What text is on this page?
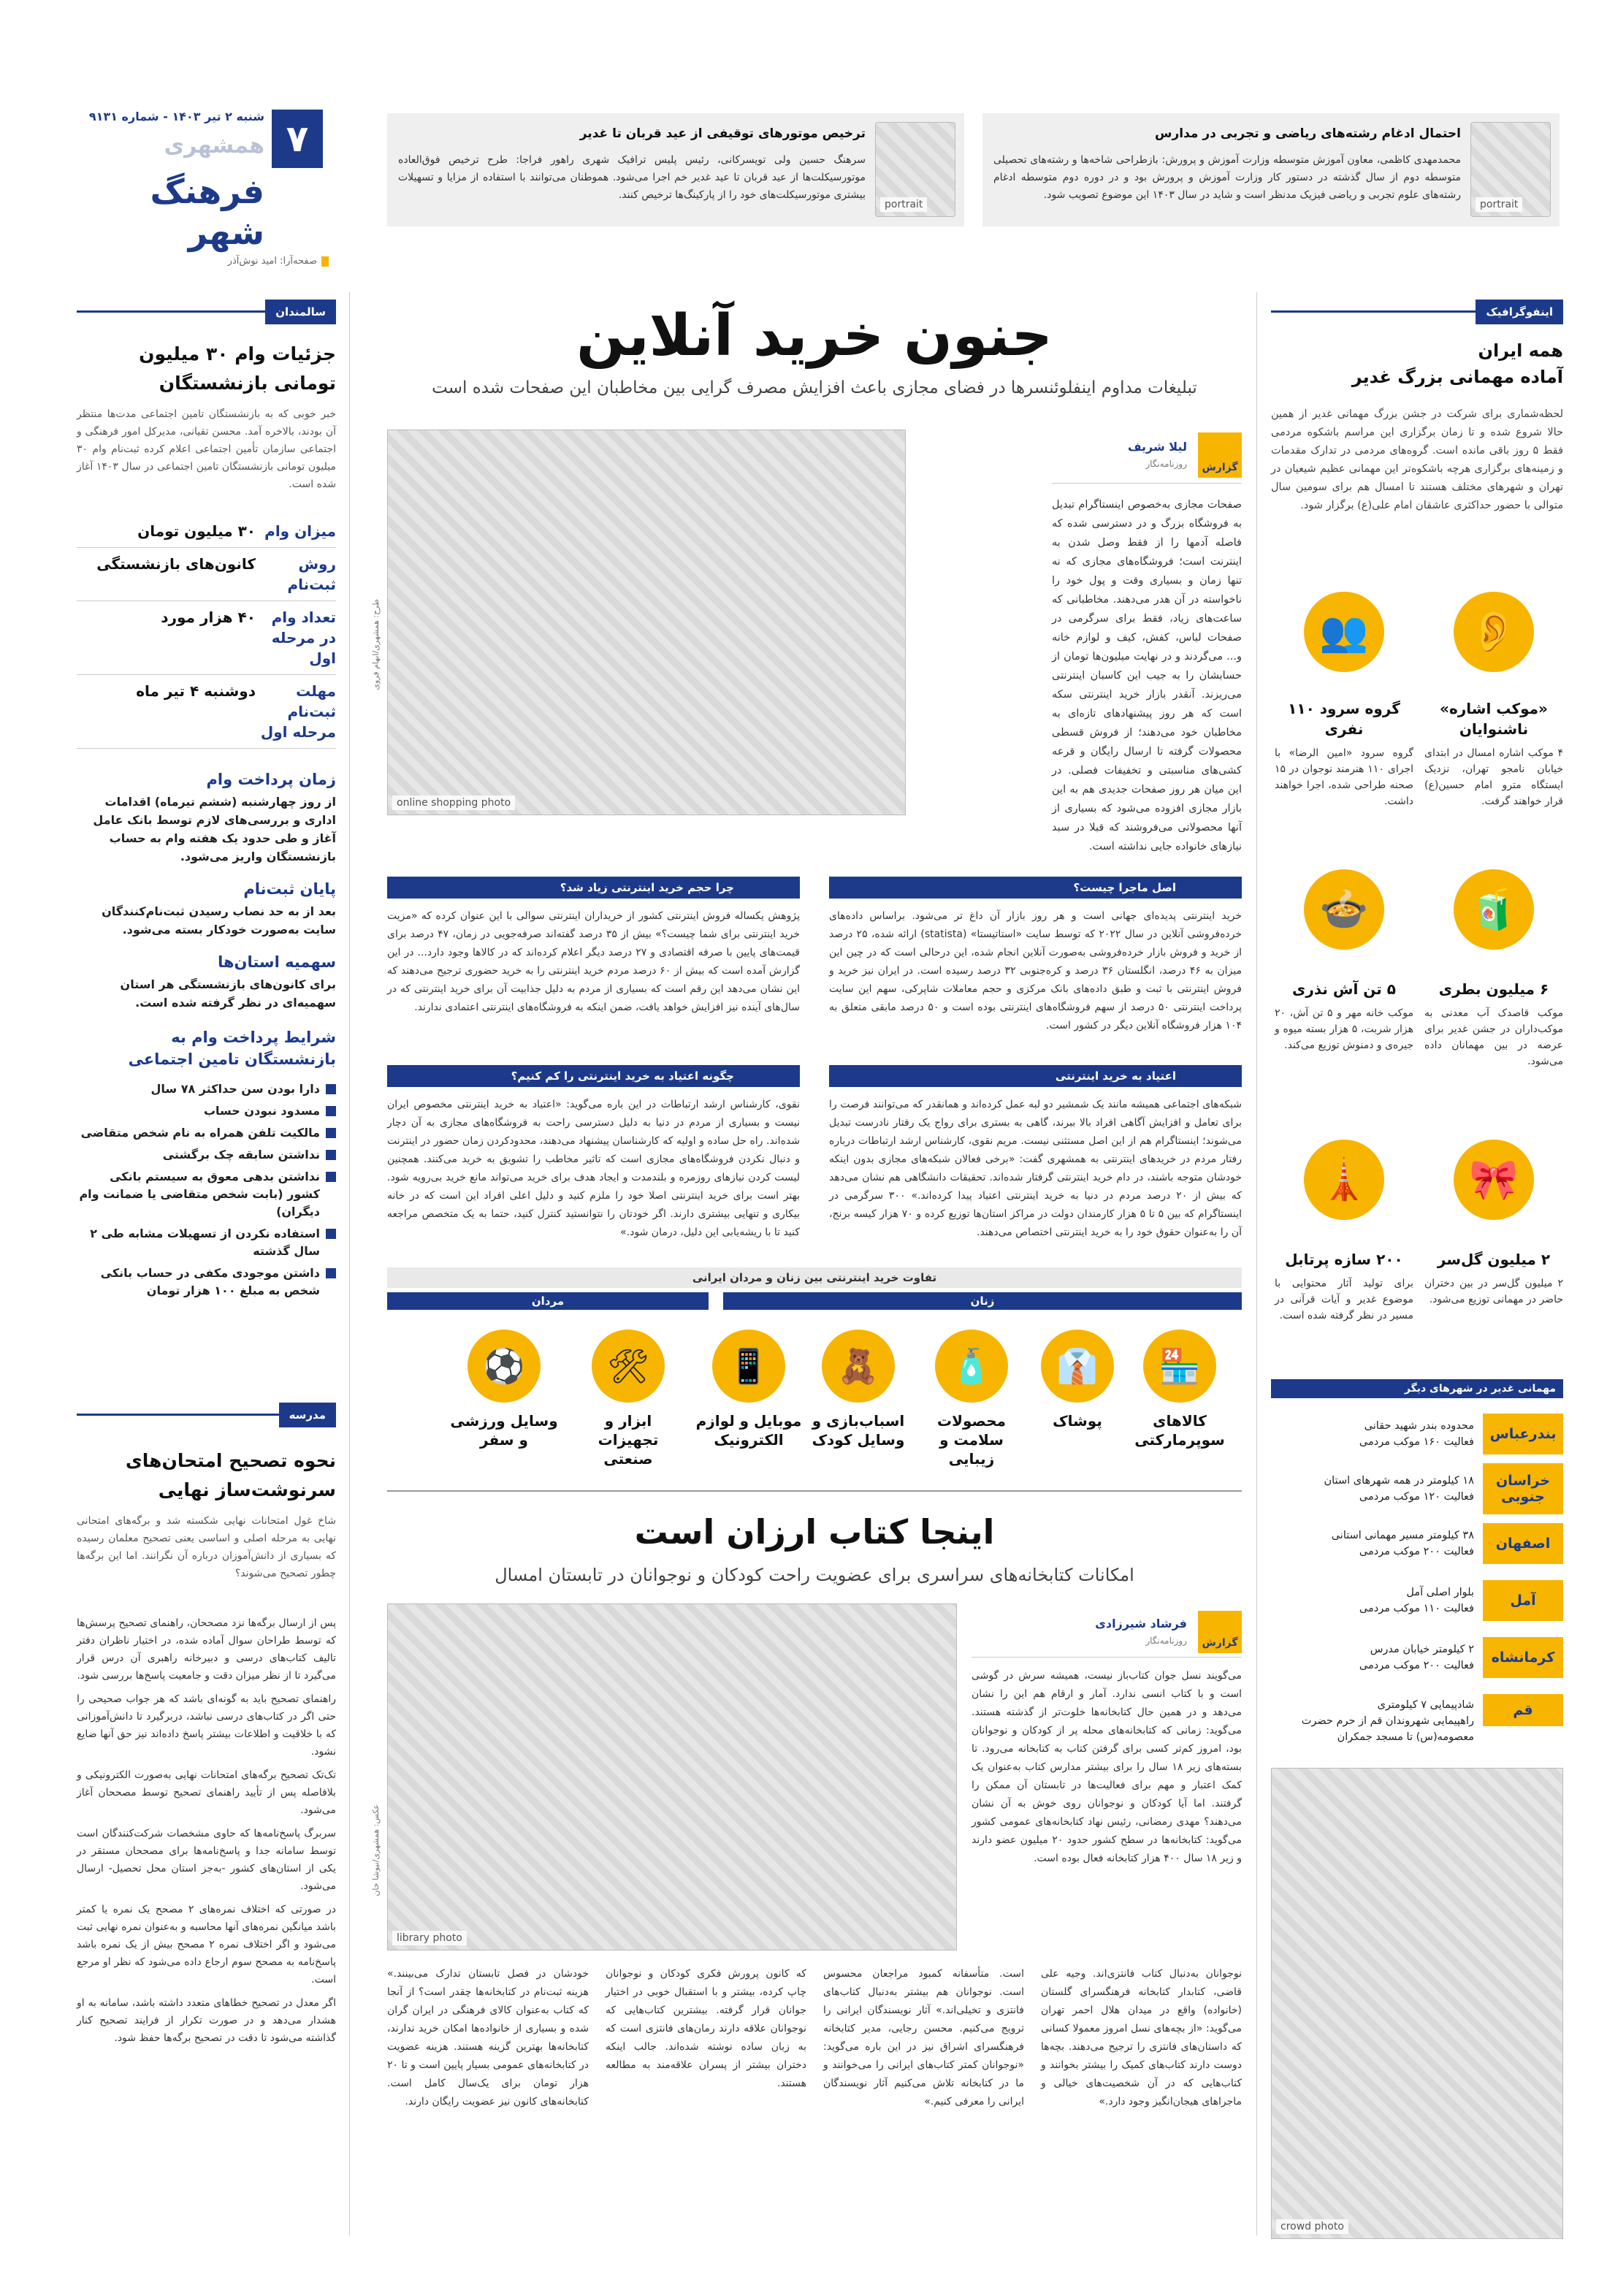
۷
شنبه ۲ تیر ۱۴۰۳ - شماره ۹۱۳۱
همشهری
فرهنگ شهر
صفحه‌آرا: امید نوش‌آذر
portrait
احتمال ادغام رشته‌های ریاضی و تجربی در مدارس
محمدمهدی کاظمی، معاون آموزش متوسطه وزارت آموزش و پرورش: بازطراحی شاخه‌ها و رشته‌های تحصیلی متوسطه دوم از سال گذشته در دستور کار وزارت آموزش و پرورش بود و در دوره دوم متوسطه ادغام رشته‌های علوم تجربی و ریاضی فیزیک مدنظر است و شاید در سال ۱۴۰۳ این موضوع تصویب شود.
portrait
ترخیص موتورهای توقیفی از عید قربان تا غدیر
سرهنگ حسین ولی تویسرکانی، رئیس پلیس ترافیک شهری راهور فراجا: طرح ترخیص فوق‌العاده موتورسیکلت‌ها از عید قربان تا عید غدیر خم اجرا می‌شود. هموطنان می‌توانند با استفاده از مزایا و تسهیلات بیشتری موتورسیکلت‌های خود را از پارکینگ‌ها ترخیص کنند.
اینفوگرافیک
همه ایران
آماده مهمانی بزرگ غدیر
لحظه‌شماری برای شرکت در جشن بزرگ مهمانی غدیر از همین حالا شروع شده و تا زمان برگزاری این مراسم باشکوه مردمی فقط ۵ روز باقی مانده است. گروه‌های مردمی در تدارک مقدمات و زمینه‌های برگزاری هرچه باشکوه‌تر این مهمانی عظیم شیعیان در تهران و شهرهای مختلف هستند تا امسال هم برای سومین سال متوالی با حضور حداکثری عاشقان امام علی(ع) برگزار شود.
👂
«موکب اشاره» ناشنوایان
۴ موکب اشاره امسال در ابتدای خیابان نامجو تهران، نزدیک ایستگاه مترو امام حسین(ع) قرار خواهند گرفت.
👥
گروه سرود ۱۱۰ نفری
گروه سرود «امین الرضا» با اجرای ۱۱۰ هنرمند نوجوان در ۱۵ صحنه طراحی شده، اجرا خواهند داشت.
🧃
۶ میلیون بطری
موکب قاصدک آب معدنی به موکب‌داران در جشن غدیر برای عرضه در بین مهمانان داده می‌شود.
🍲
۵ تن آش نذری
موکب خانه مهر و ۵ تن آش، ۲۰ هزار شربت، ۵ هزار بسته میوه و جیره‌ی و دمنوش توزیع می‌کند.
🎀
۲ میلیون گل‌سر
۲ میلیون گل‌سر در بین دختران حاضر در مهمانی توزیع می‌شود.
🗼
۲۰۰ سازه پرتابل
برای تولید آثار محتوایی با موضوع غدیر و آیات قرآنی در مسیر در نظر گرفته شده است.
مهمانی غدیر در شهرهای دیگر
بندرعباس
محدوده بندر شهید حقانی
فعالیت ۱۶۰ موکب مردمی
خراسان جنوبی
۱۸ کیلومتر در همه شهرهای استان
فعالیت ۱۲۰ موکب مردمی
اصفهان
۳۸ کیلومتر مسیر مهمانی استانی
فعالیت ۲۰۰ موکب مردمی
آمل
بلوار اصلی آمل
فعالیت ۱۱۰ موکب مردمی
کرمانشاه
۲ کیلومتر خیابان مدرس
فعالیت ۲۰۰ موکب مردمی
قم
شادپیمایی ۷ کیلومتری
راهپیمایی شهروندان قم از حرم حضرت معصومه(س) تا مسجد جمکران
crowd photo
سالمندان
جزئیات وام ۳۰ میلیون تومانی بازنشستگان
خبر خوبی که به بازنشستگان تامین اجتماعی مدت‌ها منتظر آن بودند، بالاخره آمد. محسن تقیانی، مدیرکل امور فرهنگی و اجتماعی سازمان تأمین اجتماعی اعلام کرده ثبت‌نام وام ۳۰ میلیون تومانی بازنشستگان تامین اجتماعی در سال ۱۴۰۳ آغاز شده است.
میزان وام
۳۰ میلیون تومان
روش ثبت‌نام
کانون‌های بازنشستگی
تعداد وام در مرحله اول
۴۰ هزار مورد
مهلت ثبت‌نام مرحله اول
دوشنبه ۴ تیر ماه
زمان پرداخت وام
از روز چهارشنبه (ششم تیرماه) اقدامات اداری و بررسی‌های لازم توسط بانک عامل آغاز و طی حدود یک هفته وام به حساب بازنشستگان واریز می‌شود.
پایان ثبت‌نام
بعد از به حد نصاب رسیدن ثبت‌نام‌کنندگان سایت به‌صورت خودکار بسته می‌شود.
سهمیه استان‌ها
برای کانون‌های بازنشستگی هر استان سهمیه‌ای در نظر گرفته شده است.
شرایط پرداخت وام به بازنشستگان تامین اجتماعی
دارا بودن سن حداکثر ۷۸ سال
مسدود نبودن حساب
مالکیت تلفن همراه به نام شخص متقاضی
نداشتن سابقه چک برگشتی
نداشتن بدهی معوق به سیستم بانکی کشور (بابت شخص متقاضی یا ضمانت وام دیگران)
استفاده نکردن از تسهیلات مشابه طی ۲ سال گذشته
داشتن موجودی مکفی در حساب بانکی شخص به مبلغ ۱۰۰ هزار تومان
مدرسه
نحوه تصحیح امتحان‌های سرنوشت‌ساز نهایی
شاخ غول امتحانات نهایی شکسته شد و برگه‌های امتحانی نهایی به مرحله اصلی و اساسی یعنی تصحیح معلمان رسیده که بسیاری از دانش‌آموزان درباره آن نگرانند. اما این برگه‌ها چطور تصحیح می‌شوند؟

پس از ارسال برگه‌ها نزد مصححان، راهنمای تصحیح پرسش‌ها که توسط طراحان سوال آماده شده، در اختیار ناظران دفتر تالیف کتاب‌های درسی و دبیرخانه راهبری آن درس قرار می‌گیرد تا از نظر میزان دقت و جامعیت پاسخ‌ها بررسی شود.

راهنمای تصحیح باید به گونه‌ای باشد که هر جواب صحیحی را حتی اگر در کتاب‌های درسی نباشد، دربرگیرد تا دانش‌آموزانی که با خلاقیت و اطلاعات بیشتر پاسخ داده‌اند نیز حق آنها ضایع نشود.

تک‌تک تصحیح برگه‌های امتحانات نهایی به‌صورت الکترونیکی و بلافاصله پس از تأیید راهنمای تصحیح توسط مصححان آغاز می‌شود.

سربرگ پاسخ‌نامه‌ها که حاوی مشخصات شرکت‌کنندگان است توسط سامانه جدا و پاسخ‌نامه‌ها برای مصححان مستقر در یکی از استان‌های کشور -به‌جز استان محل تحصیل- ارسال می‌شود.

در صورتی که اختلاف نمره‌های ۲ مصحح یک نمره یا کمتر باشد میانگین نمره‌های آنها محاسبه و به‌عنوان نمره نهایی ثبت می‌شود و اگر اختلاف نمره ۲ مصحح بیش از یک نمره باشد پاسخ‌نامه به مصحح سوم ارجاع داده می‌شود که نظر او مرجع است.

اگر معدل در تصحیح خطاهای متعدد داشته باشد، سامانه به او هشدار می‌دهد و در صورت تکرار از فرایند تصحیح کنار گذاشته می‌شود تا دقت در تصحیح برگه‌ها حفظ شود.

جنون خرید آنلاین
تبلیغات مداوم اینفلوئنسرها در فضای مجازی باعث افزایش مصرف گرایی بین مخاطبان این صفحات شده است
online shopping photo
طرح: همشهری/ابهام فروی
گزارش
لیلا شریف
روزنامه‌نگار
صفحات مجازی به‌خصوص اینستاگرام تبدیل به فروشگاه بزرگ و در دسترسی شده که فاصله آدمها را از فقط وصل شدن به اینترنت است؛ فروشگاه‌های مجازی که نه تنها زمان و بسیاری وقت و پول خود را ناخواسته در آن هدر می‌دهند. مخاطبانی که ساعت‌های زیاد، فقط برای سرگرمی در صفحات لباس، کفش، کیف و لوازم خانه و... می‌گردند و در نهایت میلیون‌ها تومان از حسابشان را به جیب این کاسبان اینترنتی می‌ریزند. آنقدر بازار خرید اینترنتی سکه است که هر روز پیشنهادهای تازه‌ای به مخاطبان خود می‌دهند؛ از فروش قسطی محصولات گرفته تا ارسال رایگان و قرعه کشی‌های مناسبتی و تخفیفات فصلی. در این میان هر روز صفحات جدیدی هم به این بازار مجازی افزوده می‌شود که بسیاری از آنها محصولاتی می‌فروشند که قبلا در سبد نیازهای خانواده جایی نداشته است.
اصل ماجرا چیست؟
خرید اینترنتی پدیده‌ای جهانی است و هر روز بازار آن داغ تر می‌شود. براساس داده‌های خرده‌فروشی آنلاین در سال ۲۰۲۲ که توسط سایت «استاتیستا» (statista) ارائه شده، ۲۵ درصد از خرید و فروش بازار خرده‌فروشی به‌صورت آنلاین انجام شده، این درحالی است که در چین این میزان به ۴۶ درصد، انگلستان ۳۶ درصد و کره‌جنوبی ۳۲ درصد رسیده است. در ایران نیز خرید و فروش اینترنتی با ثبت و طبق داده‌های بانک مرکزی و حجم معاملات شاپرکی، سهم این سایت پرداخت اینترنتی ۵۰ درصد از سهم فروشگاه‌های اینترنتی بوده است و ۵۰ درصد مابقی متعلق به ۱۰۴ هزار فروشگاه آنلاین دیگر در کشور است.
چرا حجم خرید اینترنتی زیاد شد؟
پژوهش یکساله فروش اینترنتی کشور از خریداران اینترنتی سوالی با این عنوان کرده که «مزیت خرید اینترنتی برای شما چیست؟» بیش از ۳۵ درصد گفته‌اند صرفه‌جویی در زمان، ۴۷ درصد برای قیمت‌های پایین با صرفه اقتصادی و ۲۷ درصد دیگر اعلام کرده‌اند که در کالاها وجود دارد... در این گزارش آمده است که بیش از ۶۰ درصد مردم خرید اینترنتی را به خرید حضوری ترجیح می‌دهند که این نشان می‌دهد این رقم است که بسیاری از مردم به دلیل جذابیت آن برای خرید اینترنتی که در سال‌های آینده نیز افزایش خواهد یافت، ضمن اینکه به فروشگاه‌های اینترنتی اعتمادی ندارند.
اعتیاد به خرید اینترنتی
شبکه‌های اجتماعی همیشه مانند یک شمشیر دو لبه عمل کرده‌اند و همانقدر که می‌توانند فرصت را برای تعامل و افزایش آگاهی افراد بالا ببرند، گاهی به بستری برای رواج یک رفتار نادرست تبدیل می‌شوند؛ اینستاگرام هم از این اصل مستثنی نیست. مریم نقوی، کارشناس ارشد ارتباطات درباره رفتار مردم در خریدهای اینترنتی به همشهری گفت: «برخی فعالان شبکه‌های مجازی بدون اینکه خودشان متوجه باشند، در دام خرید اینترنتی گرفتار شده‌اند. تحقیقات دانشگاهی هم نشان می‌دهد که بیش از ۲۰ درصد مردم در دنیا به خرید اینترنتی اعتیاد پیدا کرده‌اند.» ۳۰۰ سرگرمی در اینستاگرام که بین ۵ تا ۵ هزار کارمندان دولت در مراکز استان‌ها توزیع کرده و ۷۰ هزار کیسه برنج، آن را به‌عنوان حقوق خود را به خرید اینترنتی اختصاص می‌دهند.
چگونه اعتیاد به خرید اینترنتی را کم کنیم؟
نقوی، کارشناس ارشد ارتباطات در این باره می‌گوید: «اعتیاد به خرید اینترنتی مخصوص ایران نیست و بسیاری از مردم در دنیا به دلیل دسترسی راحت به فروشگاه‌های مجازی به آن دچار شده‌اند. راه حل ساده و اولیه که کارشناسان پیشنهاد می‌دهند، محدودکردن زمان حضور در اینترنت و دنبال نکردن فروشگاه‌های مجازی است که تاثیر مخاطب را تشویق به خرید می‌کنند. همچنین لیست کردن نیازهای روزمره و بلندمدت و ایجاد هدف برای خرید می‌تواند مانع خرید بی‌رویه شود. بهتر است برای خرید اینترنتی اصلا خود را ملزم کنید و دلیل اعلی افراد این است که در خانه بیکاری و تنهایی بیشتری دارند. اگر خودتان را نتوانستید کنترل کنید، حتما به یک متخصص مراجعه کنید تا با ریشه‌یابی این دلیل، درمان شود.»
تفاوت خرید اینترنتی بین زنان و مردان ایرانی
زنان
مردان
🏪
کالاهای سوپرمارکتی
👔
پوشاک
🧴
محصولات سلامت و زیبایی
🧸
اسباب‌بازی و وسایل کودک
📱
موبایل و لوازم الکترونیک
🛠
ابزار و تجهیزات صنعتی
⚽
وسایل ورزشی و سفر
اینجا کتاب ارزان است
امکانات کتابخانه‌های سراسری برای عضویت راحت کودکان و نوجوانان در تابستان امسال
library photo
عکس: همشهری/نیوشا خان
گزارش
فرشاد شیرزادی
روزنامه‌نگار
می‌گویند نسل جوان کتاب‌باز نیست، همیشه سرش در گوشی است و با کتاب انسی ندارد. آمار و ارقام هم این را نشان می‌دهد و در همین حال کتابخانه‌ها خلوت‌تر از گذشته هستند. می‌گوید: زمانی که کتابخانه‌های محله پر از کودکان و نوجوانان بود، امروز کم‌تر کسی برای گرفتن کتاب به کتابخانه می‌رود. تا بسته‌های زیر ۱۸ سال را برای بیشتر مدارس کتاب به‌عنوان یک کمک اعتبار و مهم برای فعالیت‌ها در تابستان آن ممکن را گرفتند. اما آیا کودکان و نوجوانان روی خوش به آن نشان می‌دهند؟ مهدی رمضانی، رئیس نهاد کتابخانه‌های عمومی کشور می‌گوید: کتابخانه‌ها در سطح کشور حدود ۲۰ میلیون عضو دارند و زیر ۱۸ سال ۴۰۰ هزار کتابخانه فعال بوده است.
نوجوانان به‌دنبال کتاب فانتزی‌اند. وجیه علی قاضی، کتابدار کتابخانه فرهنگسرای گلستان (خانواده) واقع در میدان هلال احمر تهران می‌گوید: «از بچه‌های نسل امروز معمولا کسانی که داستان‌های فانتزی را ترجیح می‌دهند. بچه‌ها دوست دارند کتاب‌های کمیک را بیشتر بخوانند و کتاب‌هایی که در آن شخصیت‌های خیالی و ماجراهای هیجان‌انگیز وجود دارد.»
است. متأسفانه کمبود مراجعان محسوس است. نوجوانان هم بیشتر به‌دنبال کتاب‌های فانتزی و تخیلی‌اند.» آثار نویسندگان ایرانی را ترویج می‌کنیم. محسن رجایی، مدیر کتابخانه فرهنگسرای اشراق نیز در این باره می‌گوید: «نوجوانان کمتر کتاب‌های ایرانی را می‌خوانند و ما در کتابخانه تلاش می‌کنیم آثار نویسندگان ایرانی را معرفی کنیم.»
که کانون پرورش فکری کودکان و نوجوانان چاپ کرده، بیشتر و با استقبال خوبی در اختیار جوانان قرار گرفته. بیشترین کتاب‌هایی که نوجوانان علاقه دارند رمان‌های فانتزی است که به زبان ساده نوشته شده‌اند. جالب اینکه دختران بیشتر از پسران علاقه‌مند به مطالعه هستند.
خودشان در فصل تابستان تدارک می‌بینند.» هزینه ثبت‌نام در کتابخانه‌ها چقدر است؟ از آنجا که کتاب به‌عنوان کالای فرهنگی در ایران گران شده و بسیاری از خانواده‌ها امکان خرید ندارند، کتابخانه‌ها بهترین گزینه هستند. هزینه عضویت در کتابخانه‌های عمومی بسیار پایین است و تا ۲۰ هزار تومان برای یک‌سال کامل است. کتابخانه‌های کانون نیز عضویت رایگان دارند.
